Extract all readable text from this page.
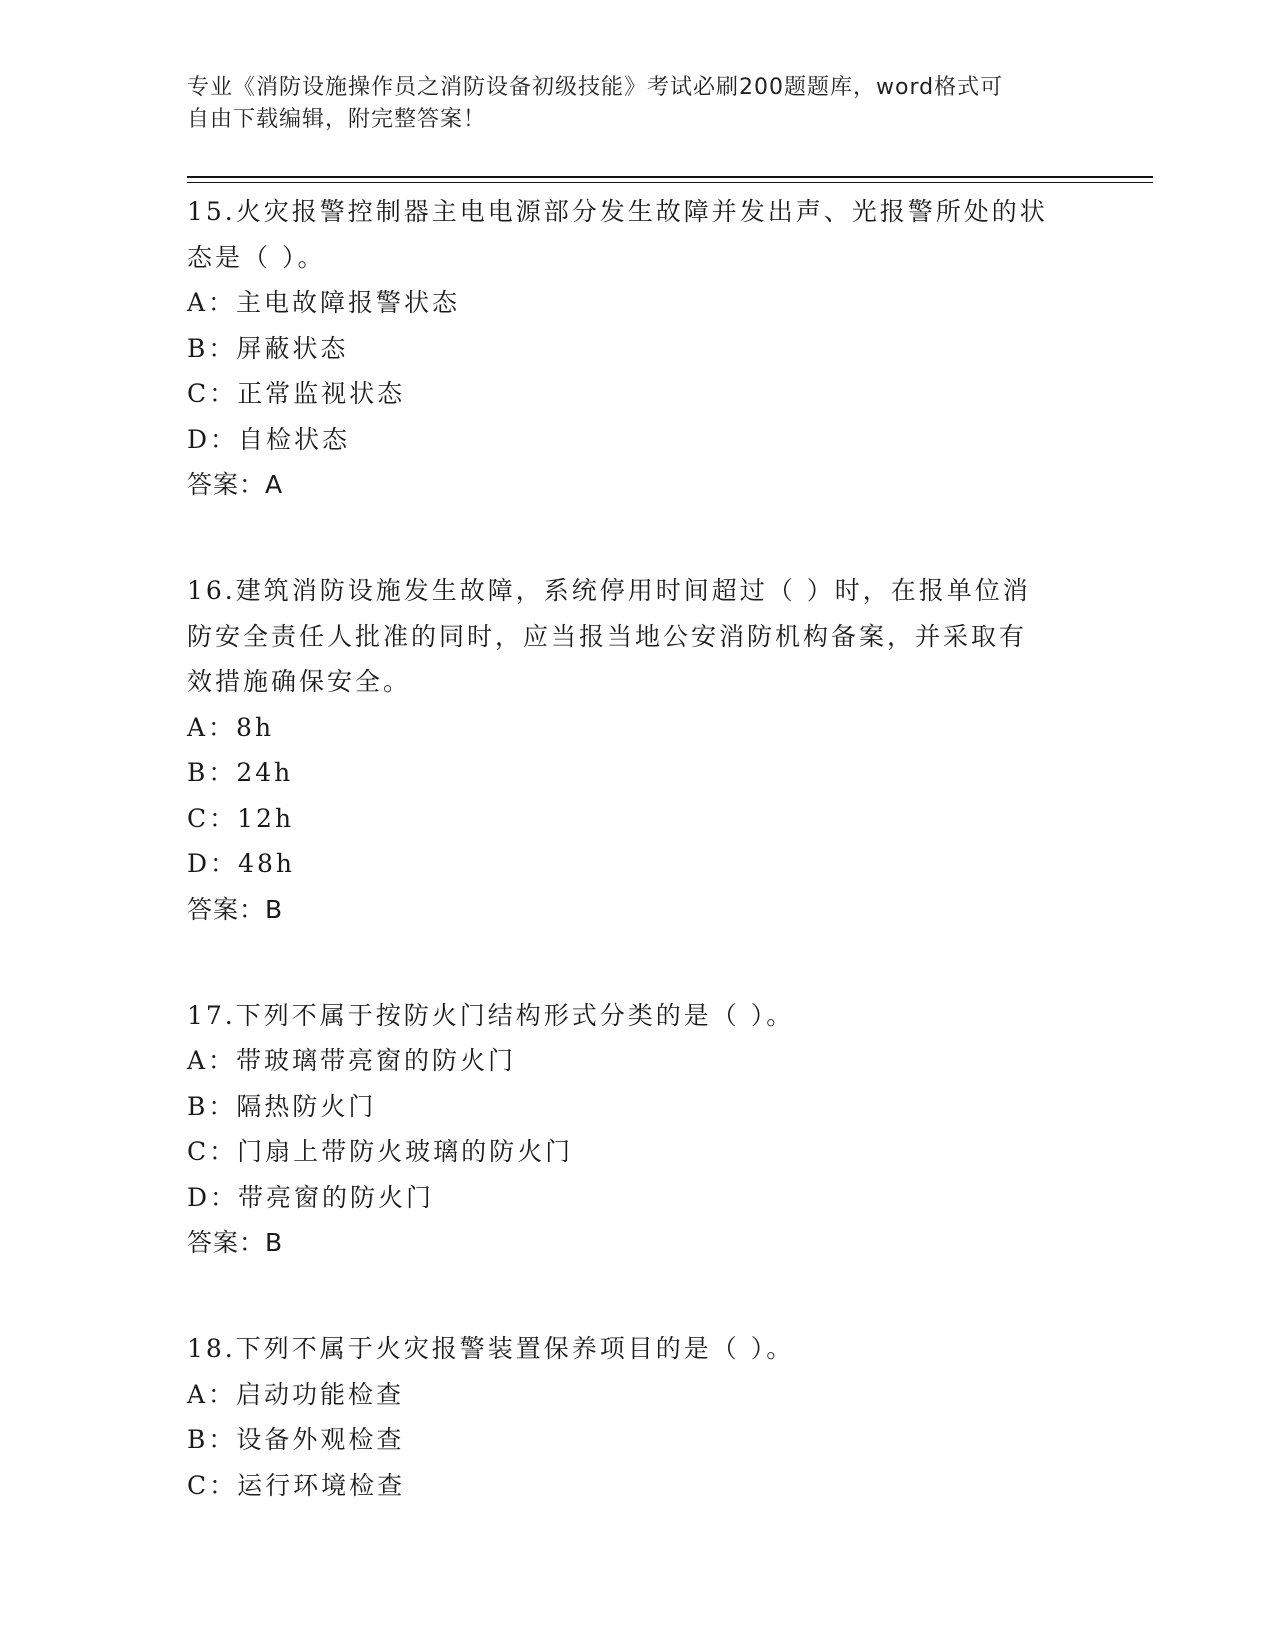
专业《消防设施操作员之消防设备初级技能》考试必刷200题题库，word格式可
自由下载编辑，附完整答案！
15.火灾报警控制器主电电源部分发生故障并发出声、光报警所处的状
态是（ ）。
A：主电故障报警状态
B：屏蔽状态
C：正常监视状态
D：自检状态
答案：A
16.建筑消防设施发生故障，系统停用时间超过（ ）时，在报单位消
防安全责任人批准的同时，应当报当地公安消防机构备案，并采取有
效措施确保安全。
A：8h
B：24h
C：12h
D：48h
答案：B
17.下列不属于按防火门结构形式分类的是（ ）。
A：带玻璃带亮窗的防火门
B：隔热防火门
C：门扇上带防火玻璃的防火门
D：带亮窗的防火门
答案：B
18.下列不属于火灾报警装置保养项目的是（ ）。
A：启动功能检查
B：设备外观检查
C：运行环境检查
